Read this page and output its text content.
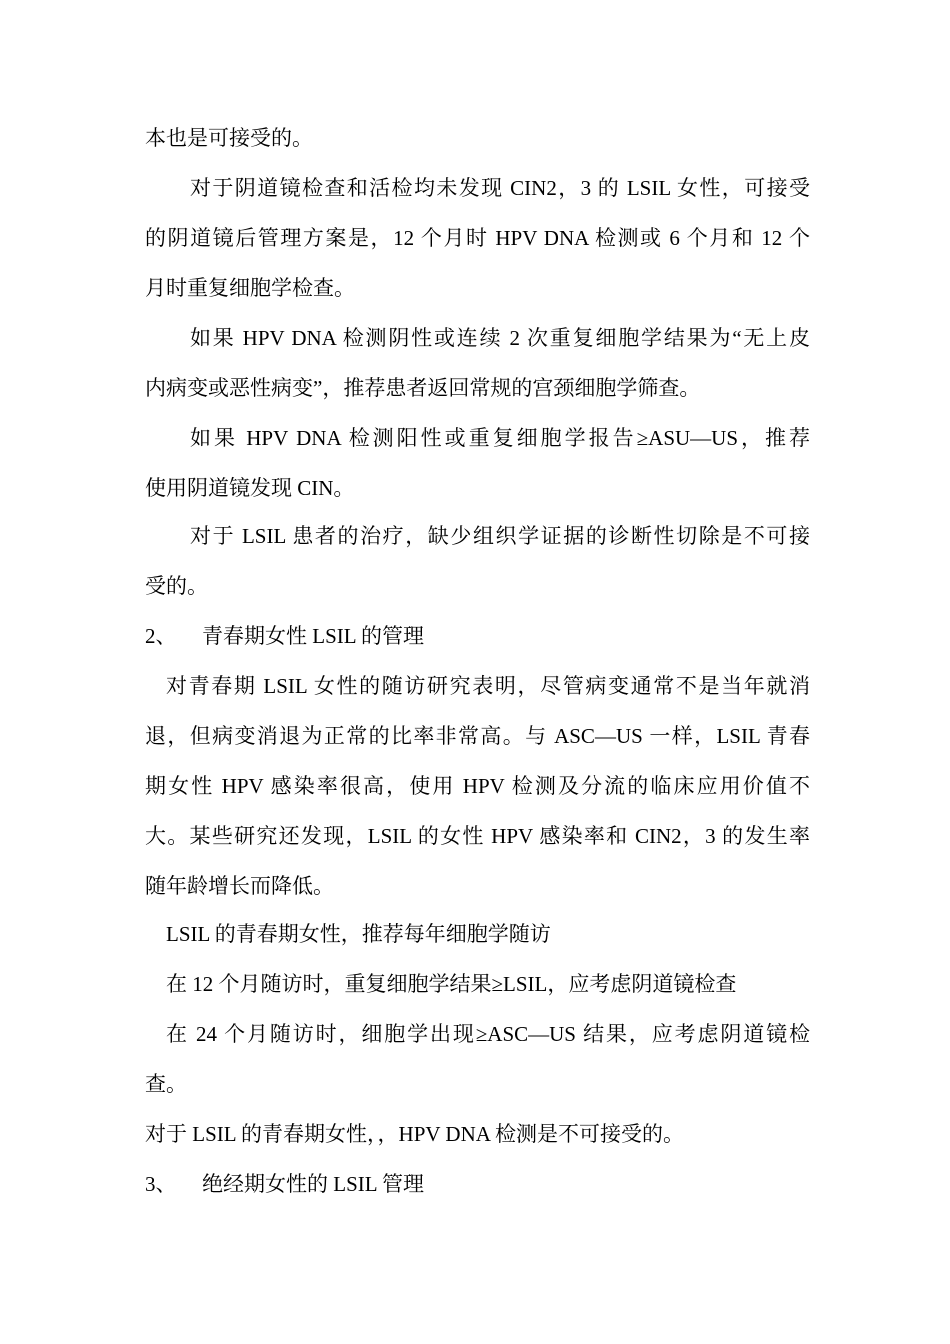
本也是可接受的。
对于阴道镜检查和活检均未发现 CIN2，3 的 LSIL 女性，可接受
的阴道镜后管理方案是，12 个月时 HPV DNA 检测或 6 个月和 12 个
月时重复细胞学检查。
如果 HPV DNA 检测阴性或连续 2 次重复细胞学结果为“无上皮
内病变或恶性病变”，推荐患者返回常规的宫颈细胞学筛查。
如果 HPV DNA 检测阳性或重复细胞学报告≥ASU—US，推荐
使用阴道镜发现 CIN。
对于 LSIL 患者的治疗，缺少组织学证据的诊断性切除是不可接
受的。
2、 青春期女性 LSIL 的管理
对青春期 LSIL 女性的随访研究表明，尽管病变通常不是当年就消
退，但病变消退为正常的比率非常高。与 ASC—US 一样，LSIL 青春
期女性 HPV 感染率很高，使用 HPV 检测及分流的临床应用价值不
大。某些研究还发现，LSIL 的女性 HPV 感染率和 CIN2，3 的发生率
随年龄增长而降低。
LSIL 的青春期女性，推荐每年细胞学随访
在 12 个月随访时，重复细胞学结果≥LSIL，应考虑阴道镜检查
在 24 个月随访时，细胞学出现≥ASC—US 结果，应考虑阴道镜检
查。
对于 LSIL 的青春期女性，，HPV DNA 检测是不可接受的。
3、 绝经期女性的 LSIL 管理
